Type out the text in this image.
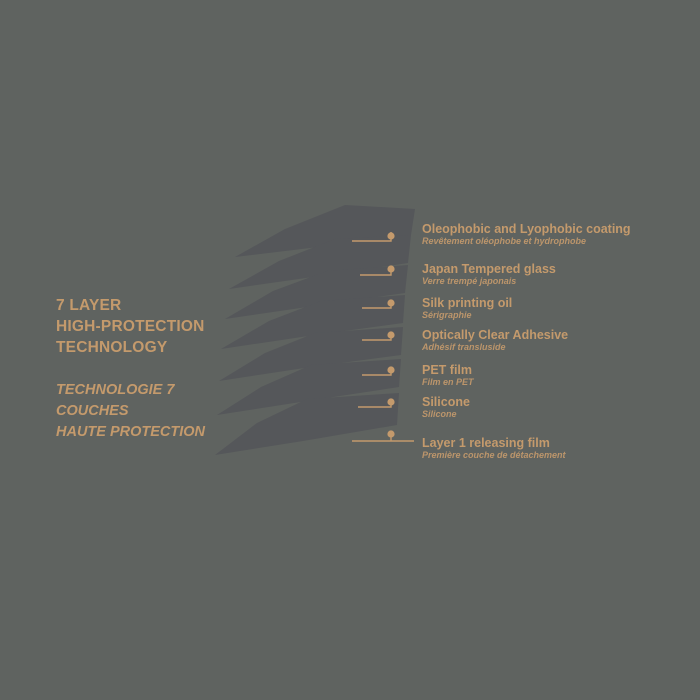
7 LAYER
HIGH-PROTECTION
TECHNOLOGY
TECHNOLOGIE 7
COUCHES
HAUTE PROTECTION
Oleophobic and Lyophobic coating
Revêtement oléophobe et hydrophobe
Japan Tempered glass
Verre trempé japonais
Silk printing oil
Sérigraphie
Optically Clear Adhesive
Adhésif transluside
PET film
Film en PET
Silicone
Silicone
Layer 1 releasing film
Première couche de détachement
